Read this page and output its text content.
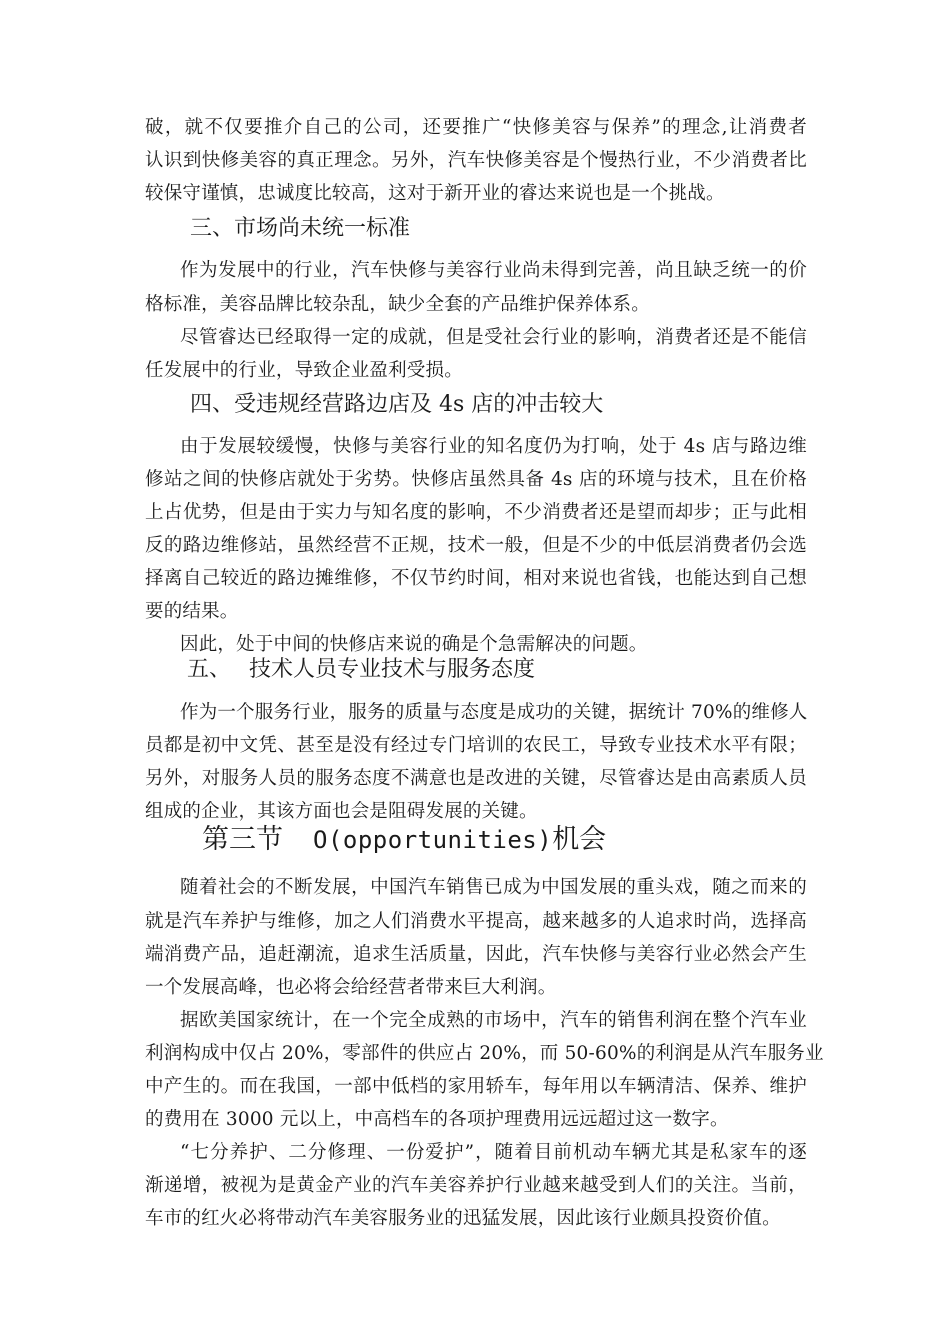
破，就不仅要推介自己的公司，还要推广“快修美容与保养”的理念,让消费者
认识到快修美容的真正理念。另外，汽车快修美容是个慢热行业，不少消费者比
较保守谨慎，忠诚度比较高，这对于新开业的睿达来说也是一个挑战。
三、市场尚未统一标准
作为发展中的行业，汽车快修与美容行业尚未得到完善，尚且缺乏统一的价
格标准，美容品牌比较杂乱，缺少全套的产品维护保养体系。
尽管睿达已经取得一定的成就，但是受社会行业的影响，消费者还是不能信
任发展中的行业，导致企业盈利受损。
四、受违规经营路边店及 4s 店的冲击较大
由于发展较缓慢，快修与美容行业的知名度仍为打响，处于 4s 店与路边维
修站之间的快修店就处于劣势。快修店虽然具备 4s 店的环境与技术，且在价格
上占优势，但是由于实力与知名度的影响，不少消费者还是望而却步；正与此相
反的路边维修站，虽然经营不正规，技术一般，但是不少的中低层消费者仍会选
择离自己较近的路边摊维修，不仅节约时间，相对来说也省钱，也能达到自己想
要的结果。
因此，处于中间的快修店来说的确是个急需解决的问题。
五、 技术人员专业技术与服务态度
作为一个服务行业，服务的质量与态度是成功的关键，据统计 70%的维修人
员都是初中文凭、甚至是没有经过专门培训的农民工，导致专业技术水平有限；
另外，对服务人员的服务态度不满意也是改进的关键，尽管睿达是由高素质人员
组成的企业，其该方面也会是阻碍发展的关键。
第三节 O(opportunities)机会
随着社会的不断发展，中国汽车销售已成为中国发展的重头戏，随之而来的
就是汽车养护与维修，加之人们消费水平提高，越来越多的人追求时尚，选择高
端消费产品，追赶潮流，追求生活质量，因此，汽车快修与美容行业必然会产生
一个发展高峰，也必将会给经营者带来巨大利润。
据欧美国家统计，在一个完全成熟的市场中，汽车的销售利润在整个汽车业
利润构成中仅占 20%，零部件的供应占 20%，而 50-60%的利润是从汽车服务业
中产生的。而在我国，一部中低档的家用轿车，每年用以车辆清洁、保养、维护
的费用在 3000 元以上，中高档车的各项护理费用远远超过这一数字。
“七分养护、二分修理、一份爱护”，随着目前机动车辆尤其是私家车的逐
渐递增，被视为是黄金产业的汽车美容养护行业越来越受到人们的关注。当前，
车市的红火必将带动汽车美容服务业的迅猛发展，因此该行业颇具投资价值。
